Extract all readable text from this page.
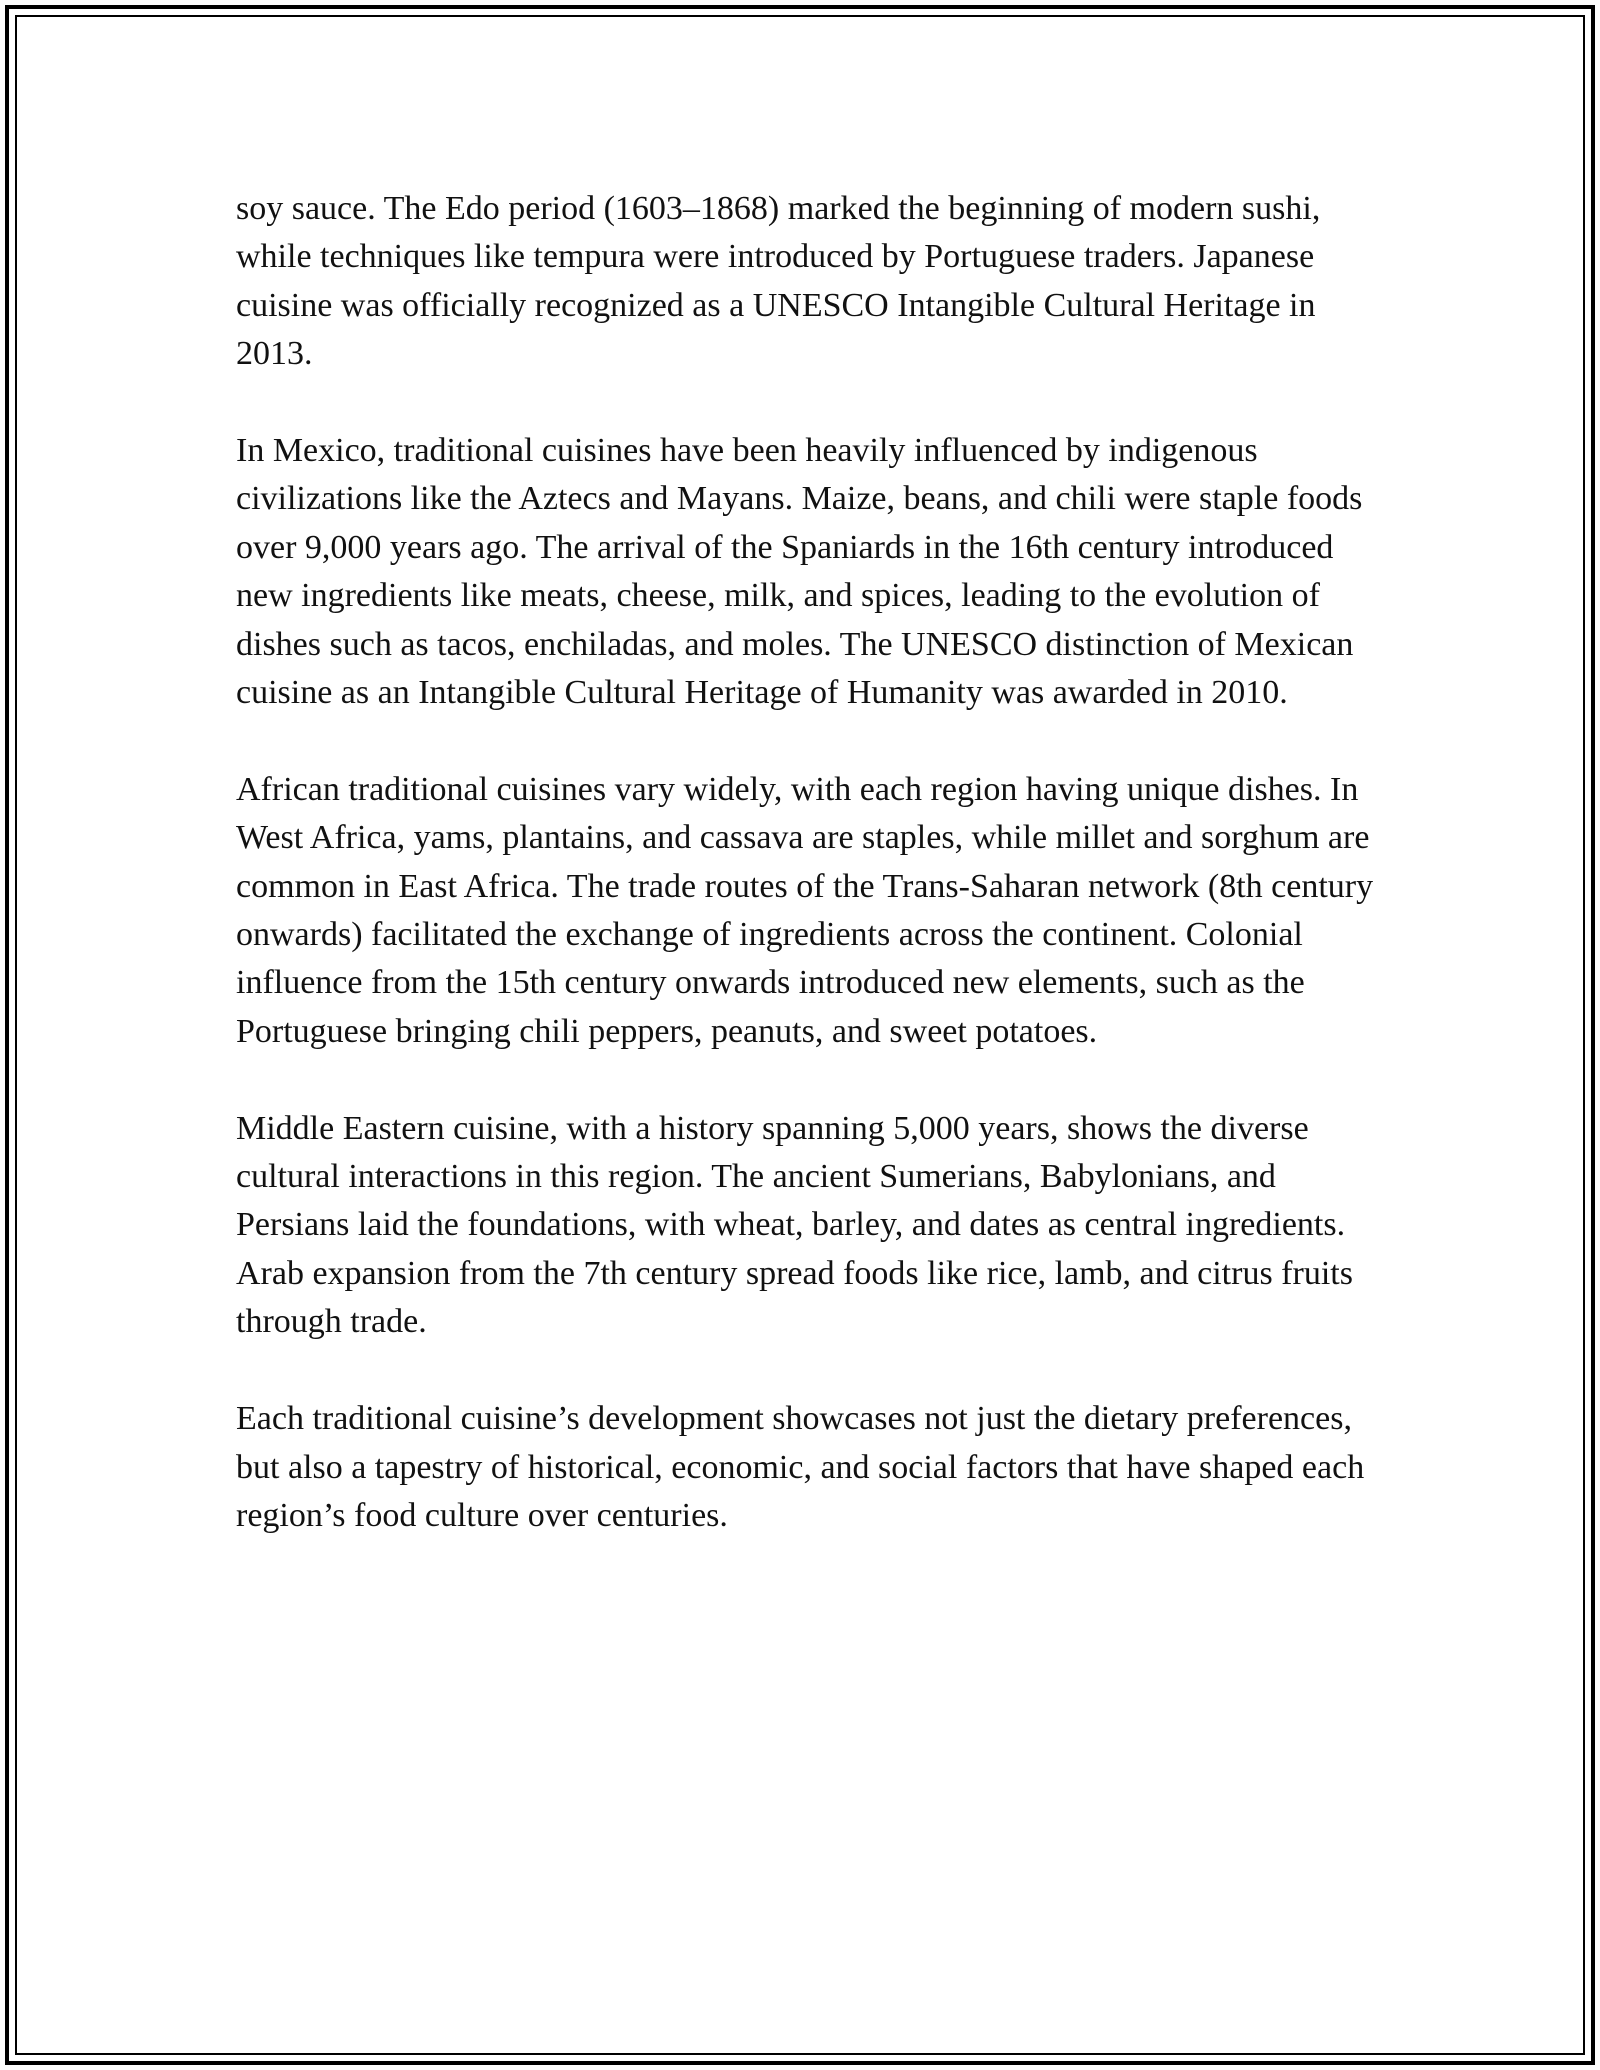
soy sauce. The Edo period (1603–1868) marked the beginning of modern sushi, while techniques like tempura were introduced by Portuguese traders. Japanese cuisine was officially recognized as a UNESCO Intangible Cultural Heritage in 2013.

In Mexico, traditional cuisines have been heavily influenced by indigenous civilizations like the Aztecs and Mayans. Maize, beans, and chili were staple foods over 9,000 years ago. The arrival of the Spaniards in the 16th century introduced new ingredients like meats, cheese, milk, and spices, leading to the evolution of dishes such as tacos, enchiladas, and moles. The UNESCO distinction of Mexican cuisine as an Intangible Cultural Heritage of Humanity was awarded in 2010.

African traditional cuisines vary widely, with each region having unique dishes. In West Africa, yams, plantains, and cassava are staples, while millet and sorghum are common in East Africa. The trade routes of the Trans-Saharan network (8th century onwards) facilitated the exchange of ingredients across the continent. Colonial influence from the 15th century onwards introduced new elements, such as the Portuguese bringing chili peppers, peanuts, and sweet potatoes.

Middle Eastern cuisine, with a history spanning 5,000 years, shows the diverse cultural interactions in this region. The ancient Sumerians, Babylonians, and Persians laid the foundations, with wheat, barley, and dates as central ingredients. Arab expansion from the 7th century spread foods like rice, lamb, and citrus fruits through trade.

Each traditional cuisine’s development showcases not just the dietary preferences, but also a tapestry of historical, economic, and social factors that have shaped each region’s food culture over centuries.
